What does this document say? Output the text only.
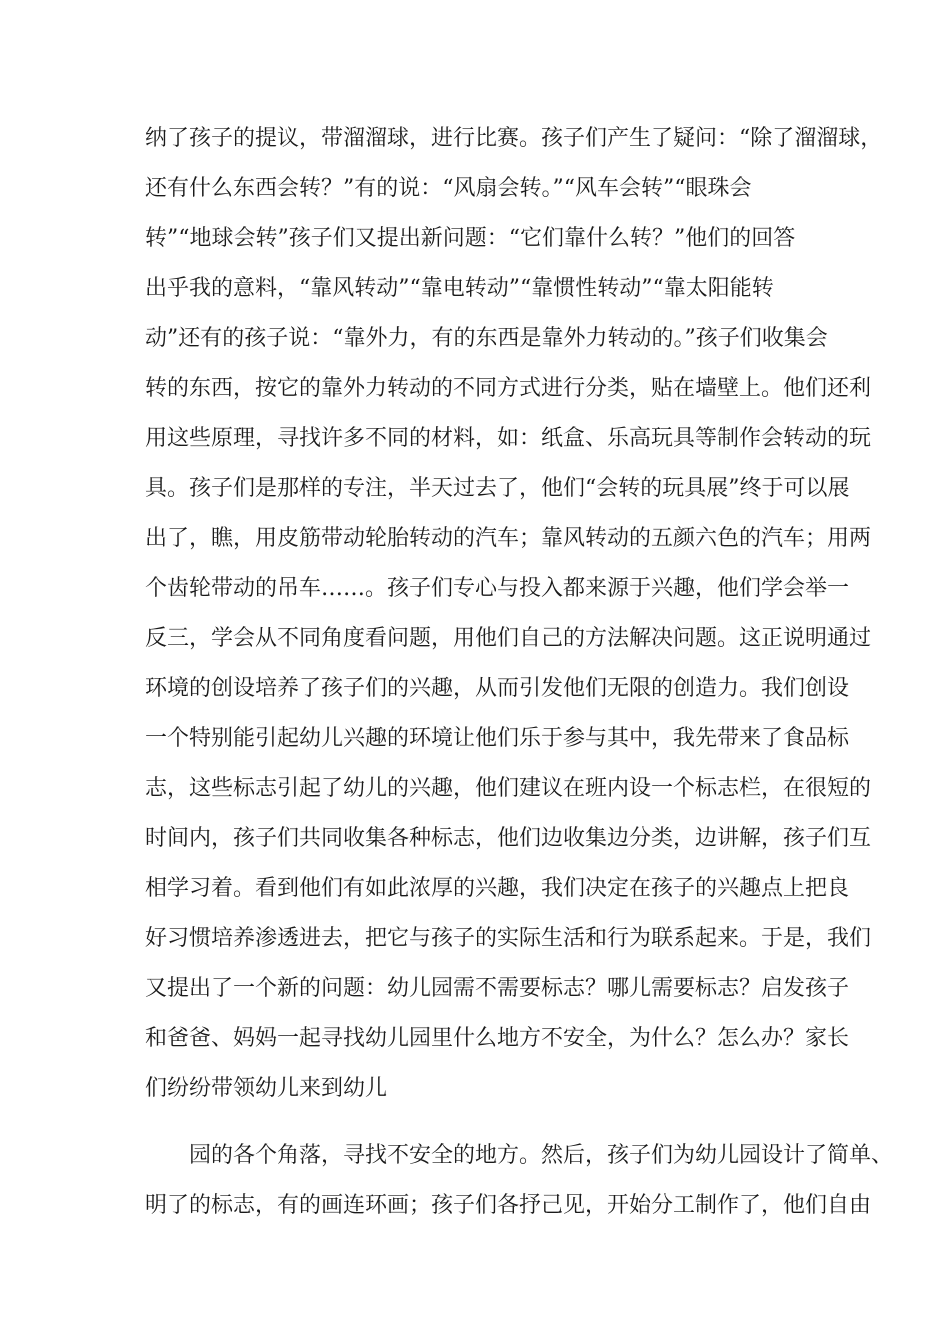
纳了孩子的提议，带溜溜球，进行比赛。孩子们产生了疑问：“除了溜溜球，
还有什么东西会转？”有的说：“风扇会转。”“风车会转”“眼珠会
转”“地球会转”孩子们又提出新问题：“它们靠什么转？”他们的回答
出乎我的意料，“靠风转动”“靠电转动”“靠惯性转动”“靠太阳能转
动”还有的孩子说：“靠外力，有的东西是靠外力转动的。”孩子们收集会
转的东西，按它的靠外力转动的不同方式进行分类，贴在墙壁上。他们还利
用这些原理，寻找许多不同的材料，如：纸盒、乐高玩具等制作会转动的玩
具。孩子们是那样的专注，半天过去了，他们“会转的玩具展”终于可以展
出了，瞧，用皮筋带动轮胎转动的汽车；靠风转动的五颜六色的汽车；用两
个齿轮带动的吊车……。孩子们专心与投入都来源于兴趣，他们学会举一
反三，学会从不同角度看问题，用他们自己的方法解决问题。这正说明通过
环境的创设培养了孩子们的兴趣，从而引发他们无限的创造力。我们创设
一个特别能引起幼儿兴趣的环境让他们乐于参与其中，我先带来了食品标
志，这些标志引起了幼儿的兴趣，他们建议在班内设一个标志栏，在很短的
时间内，孩子们共同收集各种标志，他们边收集边分类，边讲解，孩子们互
相学习着。看到他们有如此浓厚的兴趣，我们决定在孩子的兴趣点上把良
好习惯培养渗透进去，把它与孩子的实际生活和行为联系起来。于是，我们
又提出了一个新的问题：幼儿园需不需要标志？哪儿需要标志？启发孩子
和爸爸、妈妈一起寻找幼儿园里什么地方不安全，为什么？怎么办？家长
们纷纷带领幼儿来到幼儿
园的各个角落，寻找不安全的地方。然后，孩子们为幼儿园设计了简单、
明了的标志，有的画连环画；孩子们各抒己见，开始分工制作了，他们自由
